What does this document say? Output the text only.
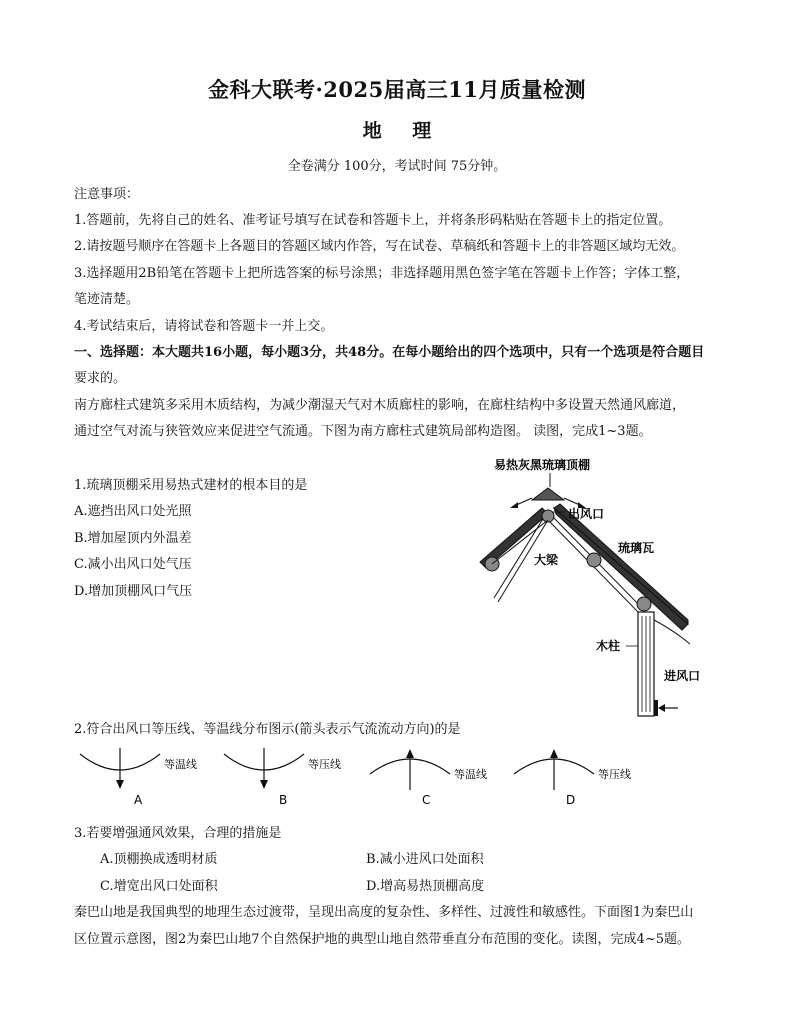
金科大联考·2025届高三11月质量检测
地 理
全卷满分 100分，考试时间 75分钟。
注意事项：
1.答题前，先将自己的姓名、准考证号填写在试卷和答题卡上，并将条形码粘贴在答题卡上的指定位置。
2.请按题号顺序在答题卡上各题目的答题区域内作答，写在试卷、草稿纸和答题卡上的非答题区域均无效。
3.选择题用2B铅笔在答题卡上把所选答案的标号涂黑；非选择题用黑色签字笔在答题卡上作答；字体工整，
笔迹清楚。
4.考试结束后，请将试卷和答题卡一并上交。
一、选择题：本大题共16小题，每小题3分，共48分。在每小题给出的四个选项中，只有一个选项是符合题目
要求的。
南方廊柱式建筑多采用木质结构，为减少潮湿天气对木质廊柱的影响，在廊柱结构中多设置天然通风廊道，
通过空气对流与狭管效应来促进空气流通。下图为南方廊柱式建筑局部构造图。 读图，完成1~3题。
1.琉璃顶棚采用易热式建材的根本目的是
A.遮挡出风口处光照
B.增加屋顶内外温差
C.减小出风口处气压
D.增加顶棚风口气压
易热灰黑琉璃顶棚
出风口
大梁
琉璃瓦
木柱
进风口
2.符合出风口等压线、等温线分布图示(箭头表示气流流动方向)的是
等温线
A
等压线
B
等温线
C
等压线
D
3.若要增强通风效果，合理的措施是
A.顶棚换成透明材质	B.减小进风口处面积
C.增宽出风口处面积	D.增高易热顶棚高度
秦巴山地是我国典型的地理生态过渡带，呈现出高度的复杂性、多样性、过渡性和敏感性。下面图1为秦巴山
区位置示意图，图2为秦巴山地7个自然保护地的典型山地自然带垂直分布范围的变化。读图，完成4~5题。
